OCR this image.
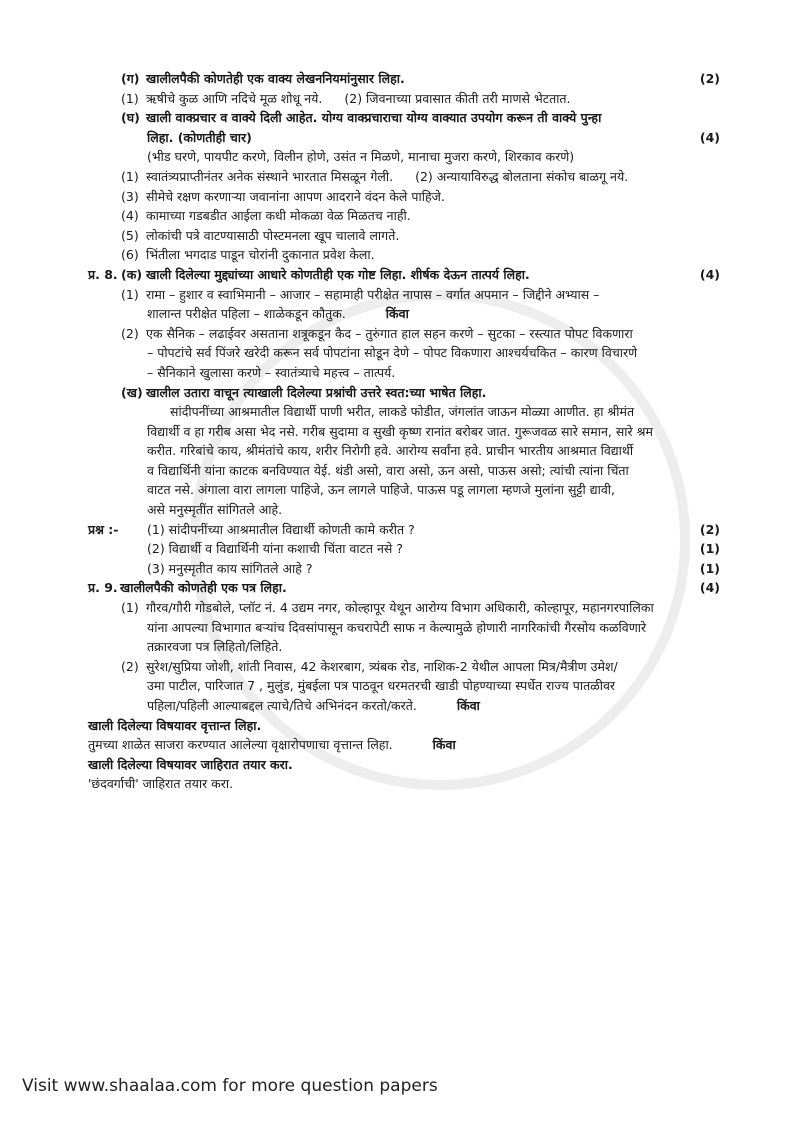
(ग) खालीलपैकी कोणतेही एक वाक्य लेखननियमांनुसार लिहा.	(2)
(1) ऋषीचे कुळ आणि नदिचे मूळ शोधू नये. (2) जिवनाच्या प्रवासात कीती तरी माणसे भेटतात.
(घ) खाली वाक्प्रचार व वाक्ये दिली आहेत. योग्य वाक्प्रचाराचा योग्य वाक्यात उपयोग करून ती वाक्ये पुन्हा
लिहा. (कोणतीही चार)	(4)
(भीड घरणे, पायपीट करणे, विलीन होणे, उसंत न मिळणे, मानाचा मुजरा करणे, शिरकाव करणे)
(1) स्वातंत्र्यप्राप्तीनंतर अनेक संस्थाने भारतात मिसळून गेली. (2) अन्यायाविरुद्ध बोलताना संकोच बाळगू नये.
(3) सीमेचे रक्षण करणाऱ्या जवानांना आपण आदराने वंदन केले पाहिजे.
(4) कामाच्या गडबडीत आईला कधी मोकळा वेळ मिळतच नाही.
(5) लोकांची पत्रे वाटण्यासाठी पोस्टमनला खूप चालावे लागते.
(6) भिंतीला भगदाड पाडून चोरांनी दुकानात प्रवेश केला.
प्र. 8. (क) खाली दिलेल्या मुद्द्यांच्या आधारे कोणतीही एक गोष्ट लिहा. शीर्षक देऊन तात्पर्य लिहा.	(4)
(1) रामा – हुशार व स्वाभिमानी – आजार – सहामाही परीक्षेत नापास – वर्गात अपमान – जिद्दीने अभ्यास –
शालान्त परीक्षेत पहिला – शाळेकडून कौतुक.	किंवा
(2) एक सैनिक – लढाईवर असताना शत्रूकडून कैद – तुरुंगात हाल सहन करणे – सुटका – रस्त्यात पोपट विकणारा
– पोपटांचे सर्व पिंजरे खरेदी करून सर्व पोपटांना सोडून देणे – पोपट विकणारा आश्चर्यचकित – कारण विचारणे
– सैनिकाने खुलासा करणे – स्वातंत्र्याचे महत्त्व – तात्पर्य.
(ख) खालील उतारा वाचून त्याखाली दिलेल्या प्रश्नांची उत्तरे स्वत:च्या भाषेत लिहा.
सांदीपनींच्या आश्रमातील विद्यार्थी पाणी भरीत, लाकडे फोडीत, जंगलांत जाऊन मोळ्या आणीत. हा श्रीमंत
विद्यार्थी व हा गरीब असा भेद नसे. गरीब सुदामा व सुखी कृष्ण रानांत बरोबर जात. गुरूजवळ सारे समान, सारे श्रम
करीत. गरिबांचे काय, श्रीमंतांचे काय, शरीर निरोगी हवे. आरोग्य सर्वांना हवे. प्राचीन भारतीय आश्रमात विद्यार्थी
व विद्यार्थिनी यांना काटक बनविण्यात येई. थंडी असो, वारा असो, ऊन असो, पाऊस असो; त्यांची त्यांना चिंता
वाटत नसे. अंगाला वारा लागला पाहिजे, ऊन लागले पाहिजे. पाऊस पडू लागला म्हणजे मुलांना सुट्टी द्यावी,
असे मनुस्मृतींत सांगितले आहे.
प्रश्न :-	(1) सांदीपनींच्या आश्रमातील विद्यार्थी कोणती कामे करीत ?	(2)
(2) विद्यार्थी व विद्यार्थिनी यांना कशाची चिंता वाटत नसे ?	(1)
(3) मनुस्मृतीत काय सांगितले आहे ?	(1)
प्र. 9. खालीलपैकी कोणतेही एक पत्र लिहा.	(4)
(1) गौरव/गौरी गोडबोले, प्लॉट नं. 4 उद्यम नगर, कोल्हापूर येथून आरोग्य विभाग अधिकारी, कोल्हापूर, महानगरपालिका
यांना आपल्या विभागात बऱ्यांच दिवसांपासून कचरापेटी साफ न केल्यामुळे होणारी नागरिकांची गैरसोय कळविणारे
तक्रारवजा पत्र लिहितो/लिहिते.
(2) सुरेश/सुप्रिया जोशी, शांती निवास, 42 केशरबाग, त्र्यंबक रोड, नाशिक-2 येथील आपला मित्र/मैत्रीण उमेश/
उमा पाटील, पारिजात 7 , मुलुंड, मुंबईला पत्र पाठवून धरमतरची खाडी पोहण्याच्या स्पर्धेत राज्य पातळीवर
पहिला/पहिली आल्याबद्दल त्याचे/तिचे अभिनंदन करतो/करते.	किंवा
खाली दिलेल्या विषयावर वृत्तान्त लिहा.
तुमच्या शाळेत साजरा करण्यात आलेल्या वृक्षारोपणाचा वृत्तान्त लिहा.	किंवा
खाली दिलेल्या विषयावर जाहिरात तयार करा.
'छंदवर्गाची' जाहिरात तयार करा.
Visit www.shaalaa.com for more question papers
